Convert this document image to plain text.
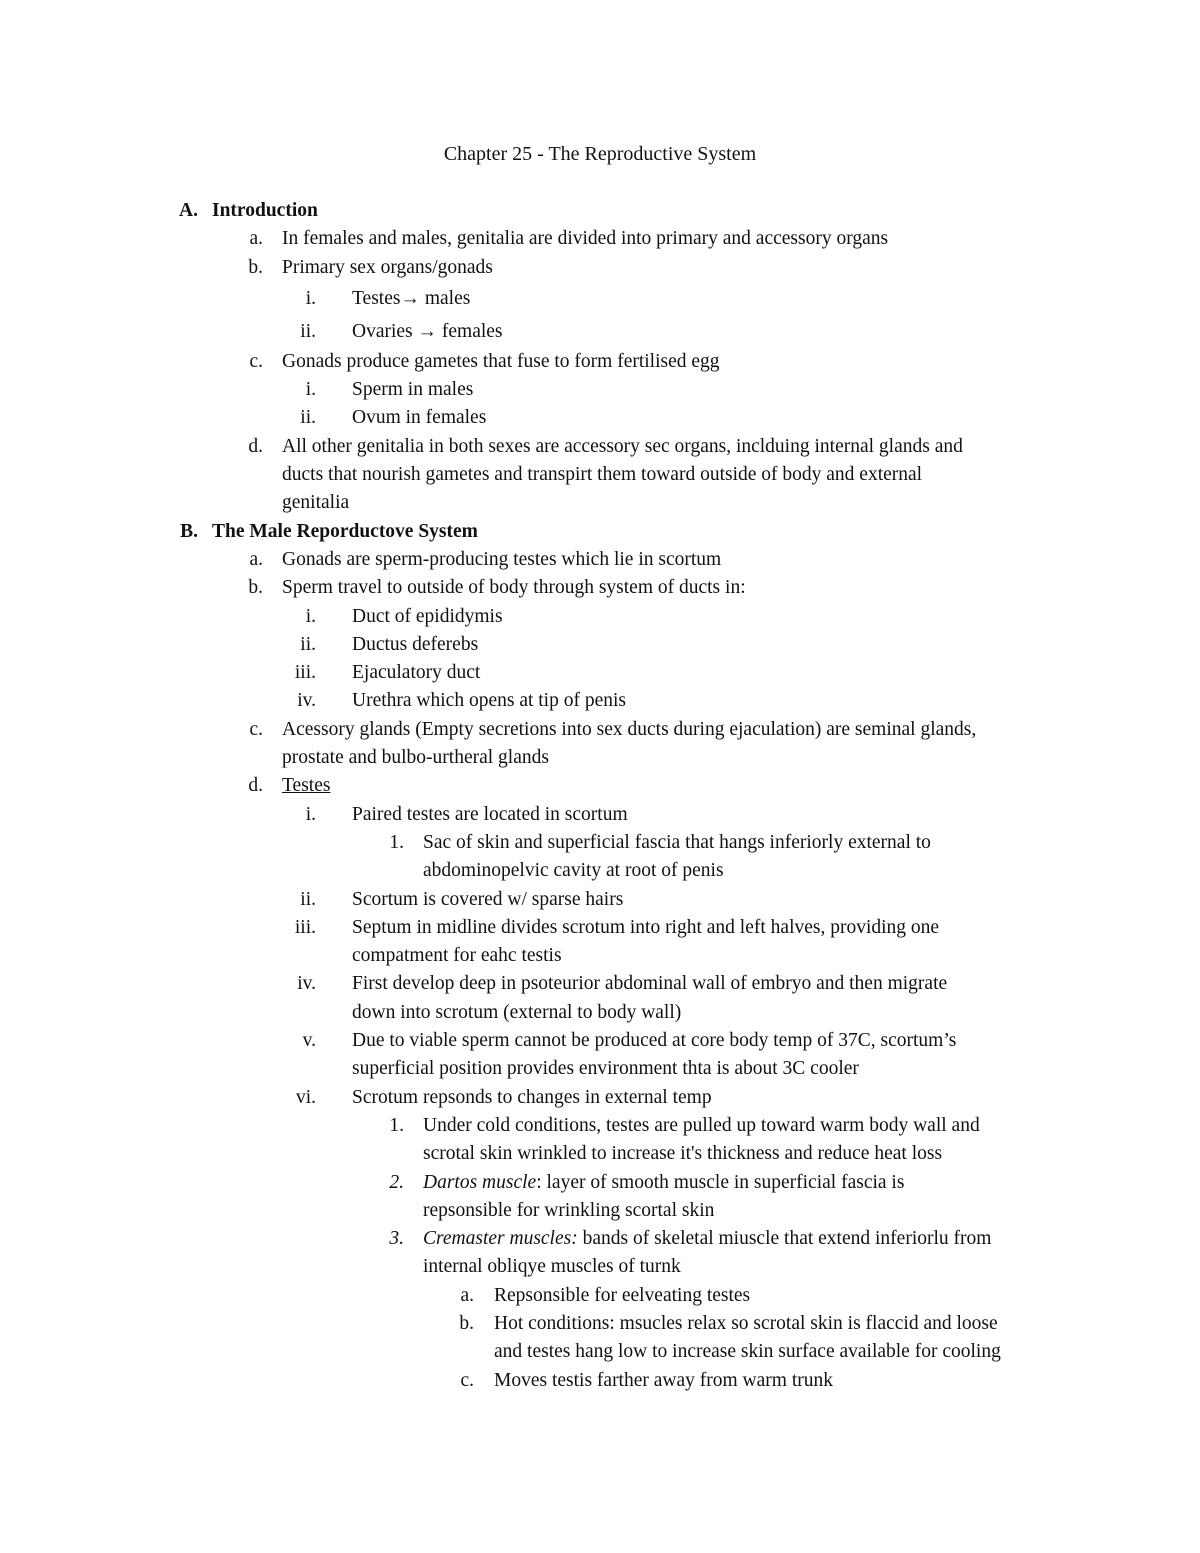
Chapter 25 - The Reproductive System
A. Introduction
a. In females and males, genitalia are divided into primary and accessory organs
b. Primary sex organs/gonads
i. Testes→ males
ii. Ovaries → females
c. Gonads produce gametes that fuse to form fertilised egg
i. Sperm in males
ii. Ovum in females
d. All other genitalia in both sexes are accessory sec organs, inclduing internal glands and
ducts that nourish gametes and transpirt them toward outside of body and external
genitalia
B. The Male Reporductove System
a. Gonads are sperm-producing testes which lie in scortum
b. Sperm travel to outside of body through system of ducts in:
i. Duct of epididymis
ii. Ductus deferebs
iii. Ejaculatory duct
iv. Urethra which opens at tip of penis
c. Acessory glands (Empty secretions into sex ducts during ejaculation) are seminal glands,
prostate and bulbo-urtheral glands
d. Testes
i. Paired testes are located in scortum
1. Sac of skin and superficial fascia that hangs inferiorly external to
abdominopelvic cavity at root of penis
ii. Scortum is covered w/ sparse hairs
iii. Septum in midline divides scrotum into right and left halves, providing one
compatment for eahc testis
iv. First develop deep in psoteurior abdominal wall of embryo and then migrate
down into scrotum (external to body wall)
v. Due to viable sperm cannot be produced at core body temp of 37C, scortum’s
superficial position provides environment thta is about 3C cooler
vi. Scrotum repsonds to changes in external temp
1. Under cold conditions, testes are pulled up toward warm body wall and
scrotal skin wrinkled to increase it's thickness and reduce heat loss
2. Dartos muscle: layer of smooth muscle in superficial fascia is
repsonsible for wrinkling scortal skin
3. Cremaster muscles: bands of skeletal miuscle that extend inferiorlu from
internal obliqye muscles of turnk
a. Repsonsible for eelveating testes
b. Hot conditions: msucles relax so scrotal skin is flaccid and loose
and testes hang low to increase skin surface available for cooling
c. Moves testis farther away from warm trunk
